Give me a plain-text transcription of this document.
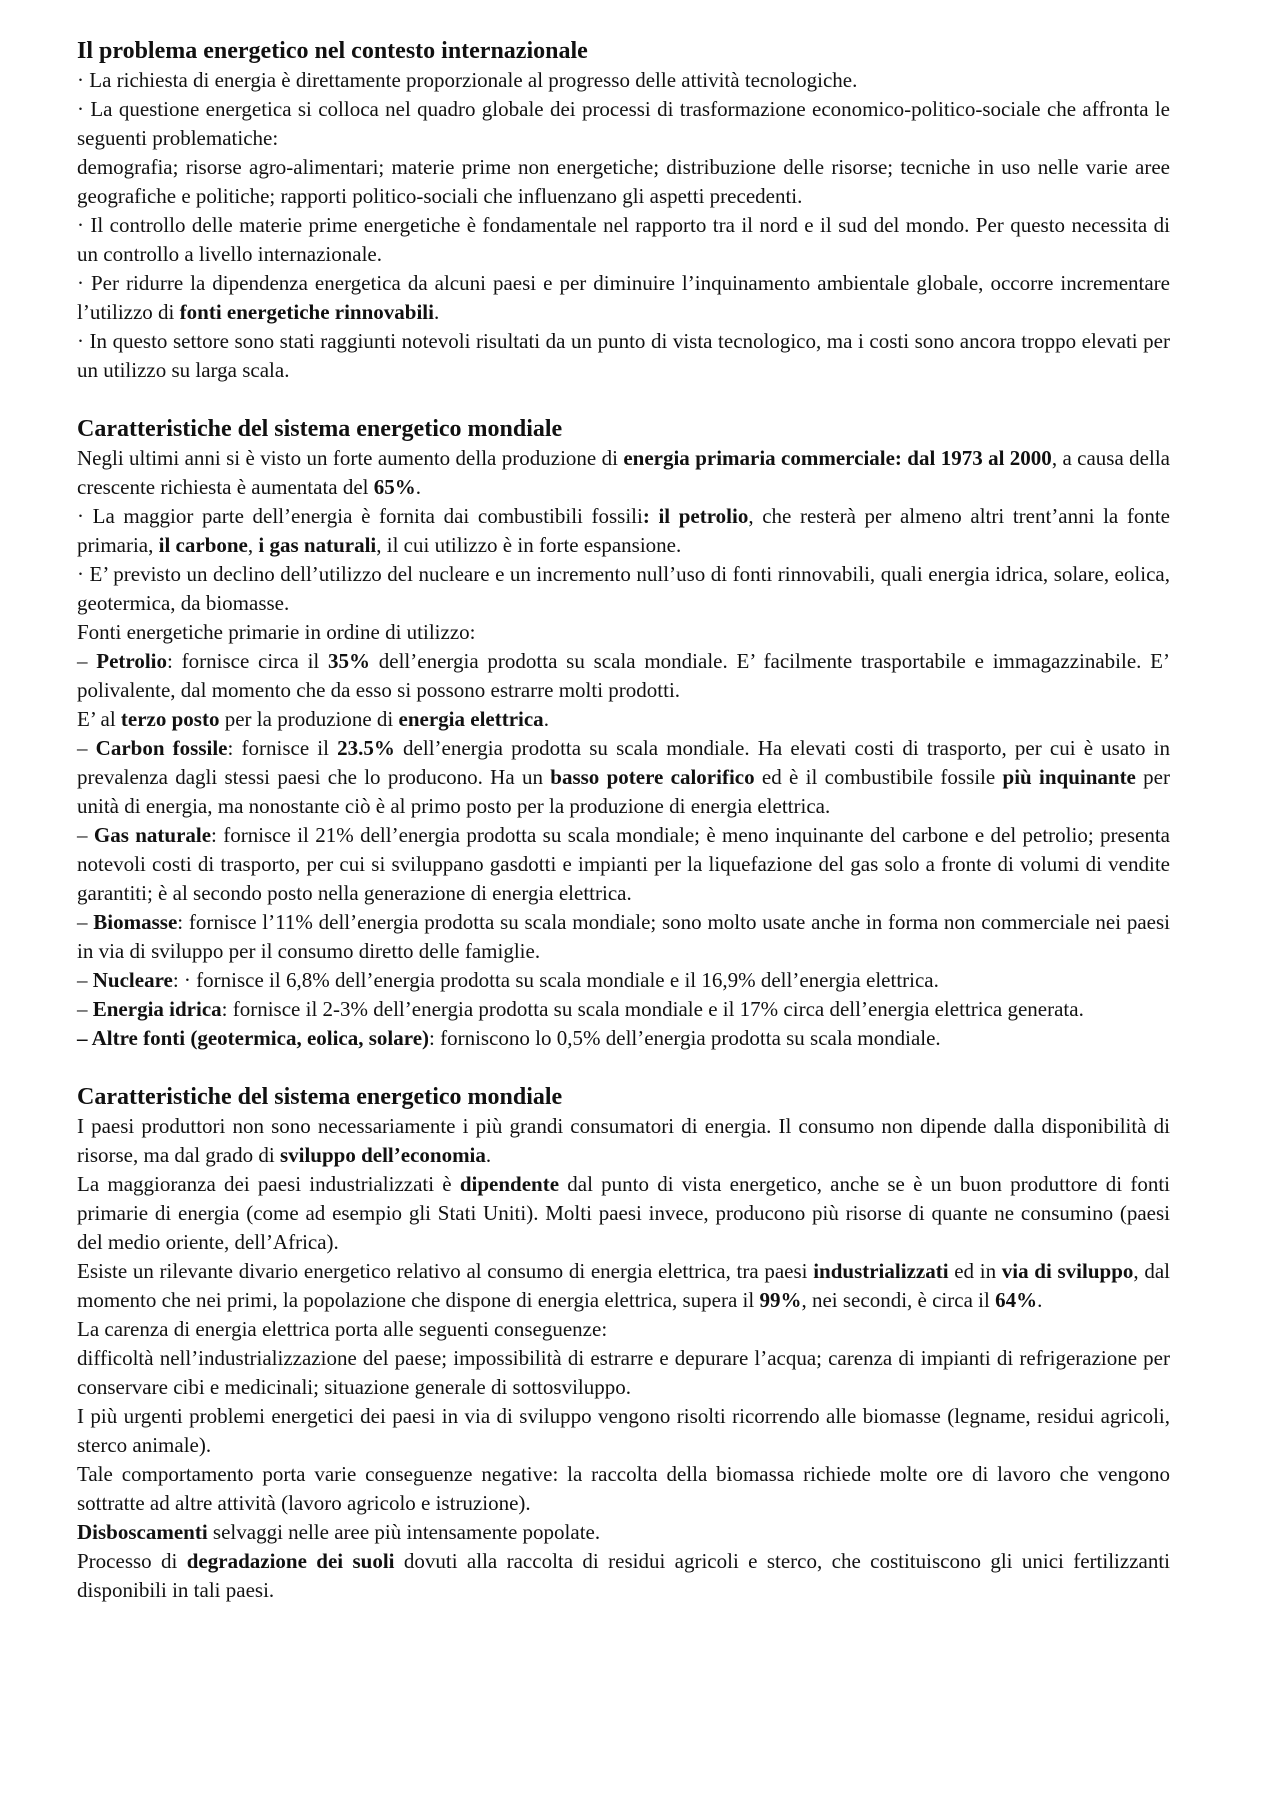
Il problema energetico nel contesto internazionale

· La richiesta di energia è direttamente proporzionale al progresso delle attività tecnologiche.

· La questione energetica si colloca nel quadro globale dei processi di trasformazione economico-politico-sociale che affronta le seguenti problematiche:

demografia; risorse agro-alimentari; materie prime non energetiche; distribuzione delle risorse; tecniche in uso nelle varie aree geografiche e politiche; rapporti politico-sociali che influenzano gli aspetti precedenti.

· Il controllo delle materie prime energetiche è fondamentale nel rapporto tra il nord e il sud del mondo. Per questo necessita di un controllo a livello internazionale.

· Per ridurre la dipendenza energetica da alcuni paesi e per diminuire l’inquinamento ambientale globale, occorre incrementare l’utilizzo di fonti energetiche rinnovabili.

· In questo settore sono stati raggiunti notevoli risultati da un punto di vista tecnologico, ma i costi sono ancora troppo elevati per un utilizzo su larga scala.

Caratteristiche del sistema energetico mondiale

Negli ultimi anni si è visto un forte aumento della produzione di energia primaria commerciale: dal 1973 al 2000, a causa della crescente richiesta è aumentata del 65%.

· La maggior parte dell’energia è fornita dai combustibili fossili: il petrolio, che resterà per almeno altri trent’anni la fonte primaria, il carbone, i gas naturali, il cui utilizzo è in forte espansione.

· E’ previsto un declino dell’utilizzo del nucleare e un incremento null’uso di fonti rinnovabili, quali energia idrica, solare, eolica, geotermica, da biomasse.

Fonti energetiche primarie in ordine di utilizzo:

– Petrolio: fornisce circa il 35% dell’energia prodotta su scala mondiale. E’ facilmente trasportabile e immagazzinabile. E’ polivalente, dal momento che da esso si possono estrarre molti prodotti.

E’ al terzo posto per la produzione di energia elettrica.

– Carbon fossile: fornisce il 23.5% dell’energia prodotta su scala mondiale. Ha elevati costi di trasporto, per cui è usato in prevalenza dagli stessi paesi che lo producono. Ha un basso potere calorifico ed è il combustibile fossile più inquinante per unità di energia, ma nonostante ciò è al primo posto per la produzione di energia elettrica.

– Gas naturale: fornisce il 21% dell’energia prodotta su scala mondiale; è meno inquinante del carbone e del petrolio; presenta notevoli costi di trasporto, per cui si sviluppano gasdotti e impianti per la liquefazione del gas solo a fronte di volumi di vendite garantiti; è al secondo posto nella generazione di energia elettrica.

– Biomasse: fornisce l’11% dell’energia prodotta su scala mondiale; sono molto usate anche in forma non commerciale nei paesi in via di sviluppo per il consumo diretto delle famiglie.

– Nucleare: · fornisce il 6,8% dell’energia prodotta su scala mondiale e il 16,9% dell’energia elettrica.

– Energia idrica: fornisce il 2-3% dell’energia prodotta su scala mondiale e il 17% circa dell’energia elettrica generata.

– Altre fonti (geotermica, eolica, solare): forniscono lo 0,5% dell’energia prodotta su scala mondiale.

Caratteristiche del sistema energetico mondiale

I paesi produttori non sono necessariamente i più grandi consumatori di energia. Il consumo non dipende dalla disponibilità di risorse, ma dal grado di sviluppo dell’economia.

La maggioranza dei paesi industrializzati è dipendente dal punto di vista energetico, anche se è un buon produttore di fonti primarie di energia (come ad esempio gli Stati Uniti). Molti paesi invece, producono più risorse di quante ne consumino (paesi del medio oriente, dell’Africa).

Esiste un rilevante divario energetico relativo al consumo di energia elettrica, tra paesi industrializzati ed in via di sviluppo, dal momento che nei primi, la popolazione che dispone di energia elettrica, supera il 99%, nei secondi, è circa il 64%.

La carenza di energia elettrica porta alle seguenti conseguenze:

difficoltà nell’industrializzazione del paese; impossibilità di estrarre e depurare l’acqua; carenza di impianti di refrigerazione per conservare cibi e medicinali; situazione generale di sottosviluppo.

I più urgenti problemi energetici dei paesi in via di sviluppo vengono risolti ricorrendo alle biomasse (legname, residui agricoli, sterco animale).

Tale comportamento porta varie conseguenze negative: la raccolta della biomassa richiede molte ore di lavoro che vengono sottratte ad altre attività (lavoro agricolo e istruzione).

Disboscamenti selvaggi nelle aree più intensamente popolate.

Processo di degradazione dei suoli dovuti alla raccolta di residui agricoli e sterco, che costituiscono gli unici fertilizzanti disponibili in tali paesi.
